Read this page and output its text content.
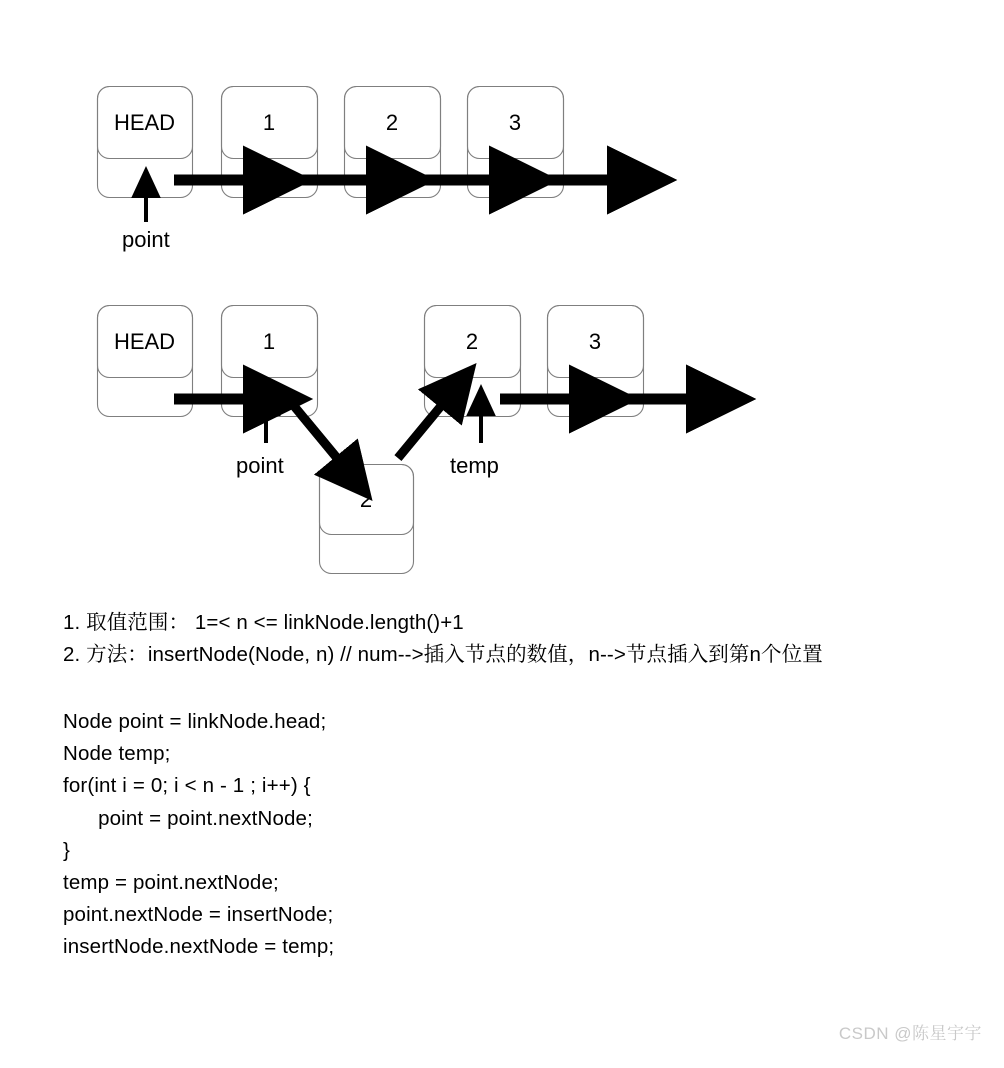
HEAD	1	2	3
point
null
HEAD	1	2	3
2
point	temp
null
1. 取值范围： 1=< n <= linkNode.length()+1
2. 方法：insertNode(Node, n) // num-->插入节点的数值，n-->节点插入到第n个位置
Node point = linkNode.head;
Node temp;
for(int i = 0; i < n - 1 ; i++) {
point = point.nextNode;
}
temp = point.nextNode;
point.nextNode = insertNode;
insertNode.nextNode = temp;
CSDN @陈星宇宇
